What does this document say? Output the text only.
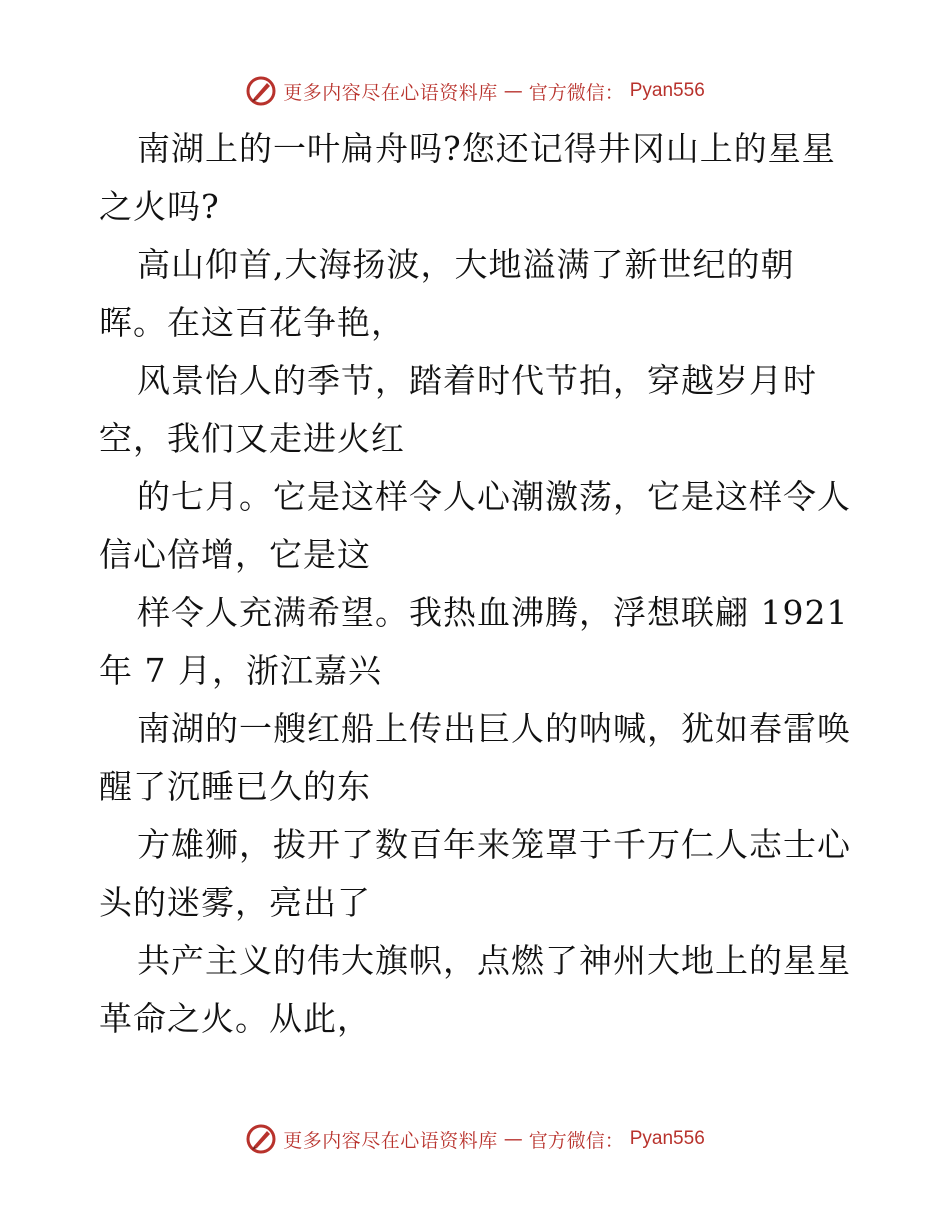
更多内容尽在心语资料库 — 官方微信： Pyan556
南湖上的一叶扁舟吗?您还记得井冈山上的星星
之火吗?
高山仰首,大海扬波，大地溢满了新世纪的朝
晖。在这百花争艳，
风景怡人的季节，踏着时代节拍，穿越岁月时
空，我们又走进火红
的七月。它是这样令人心潮激荡，它是这样令人
信心倍增，它是这
样令人充满希望。我热血沸腾，浮想联翩 1921
年 7 月，浙江嘉兴
南湖的一艘红船上传出巨人的呐喊，犹如春雷唤
醒了沉睡已久的东
方雄狮，拔开了数百年来笼罩于千万仁人志士心
头的迷雾，亮出了
共产主义的伟大旗帜，点燃了神州大地上的星星
革命之火。从此，
更多内容尽在心语资料库 — 官方微信： Pyan556
